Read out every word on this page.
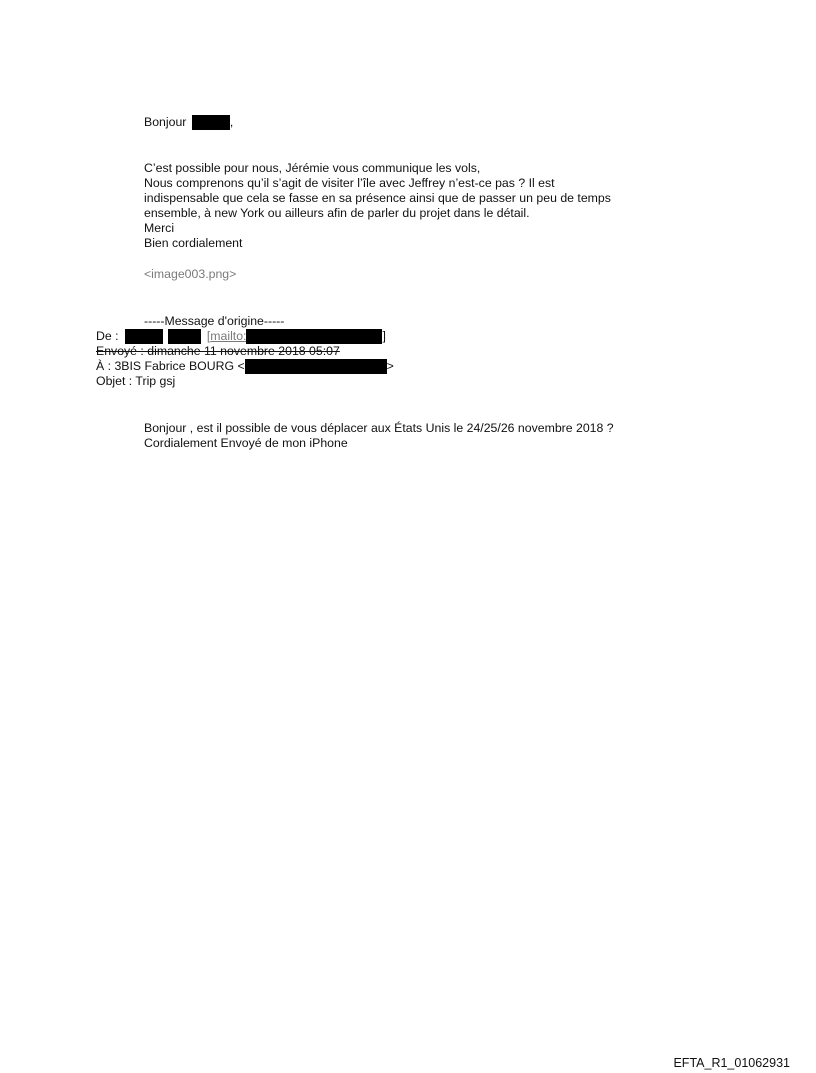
Bonjour	,
C’est possible pour nous, Jérémie vous communique les vols,
Nous comprenons qu’il s’agit de visiter l’île avec Jeffrey n’est-ce pas ? Il est
indispensable que cela se fasse en sa présence ainsi que de passer un peu de temps
ensemble, à new York ou ailleurs afin de parler du projet dans le détail.
Merci
Bien cordialement
<image003.png>
-----Message d'origine-----
De :	[mailto:	]
Envoyé : dimanche 11 novembre 2018 05:07
À : 3BIS Fabrice BOURG <	>
Objet : Trip gsj
Bonjour , est il possible de vous déplacer aux États Unis le 24/25/26 novembre 2018 ?
Cordialement Envoyé de mon iPhone
EFTA_R1_01062931
